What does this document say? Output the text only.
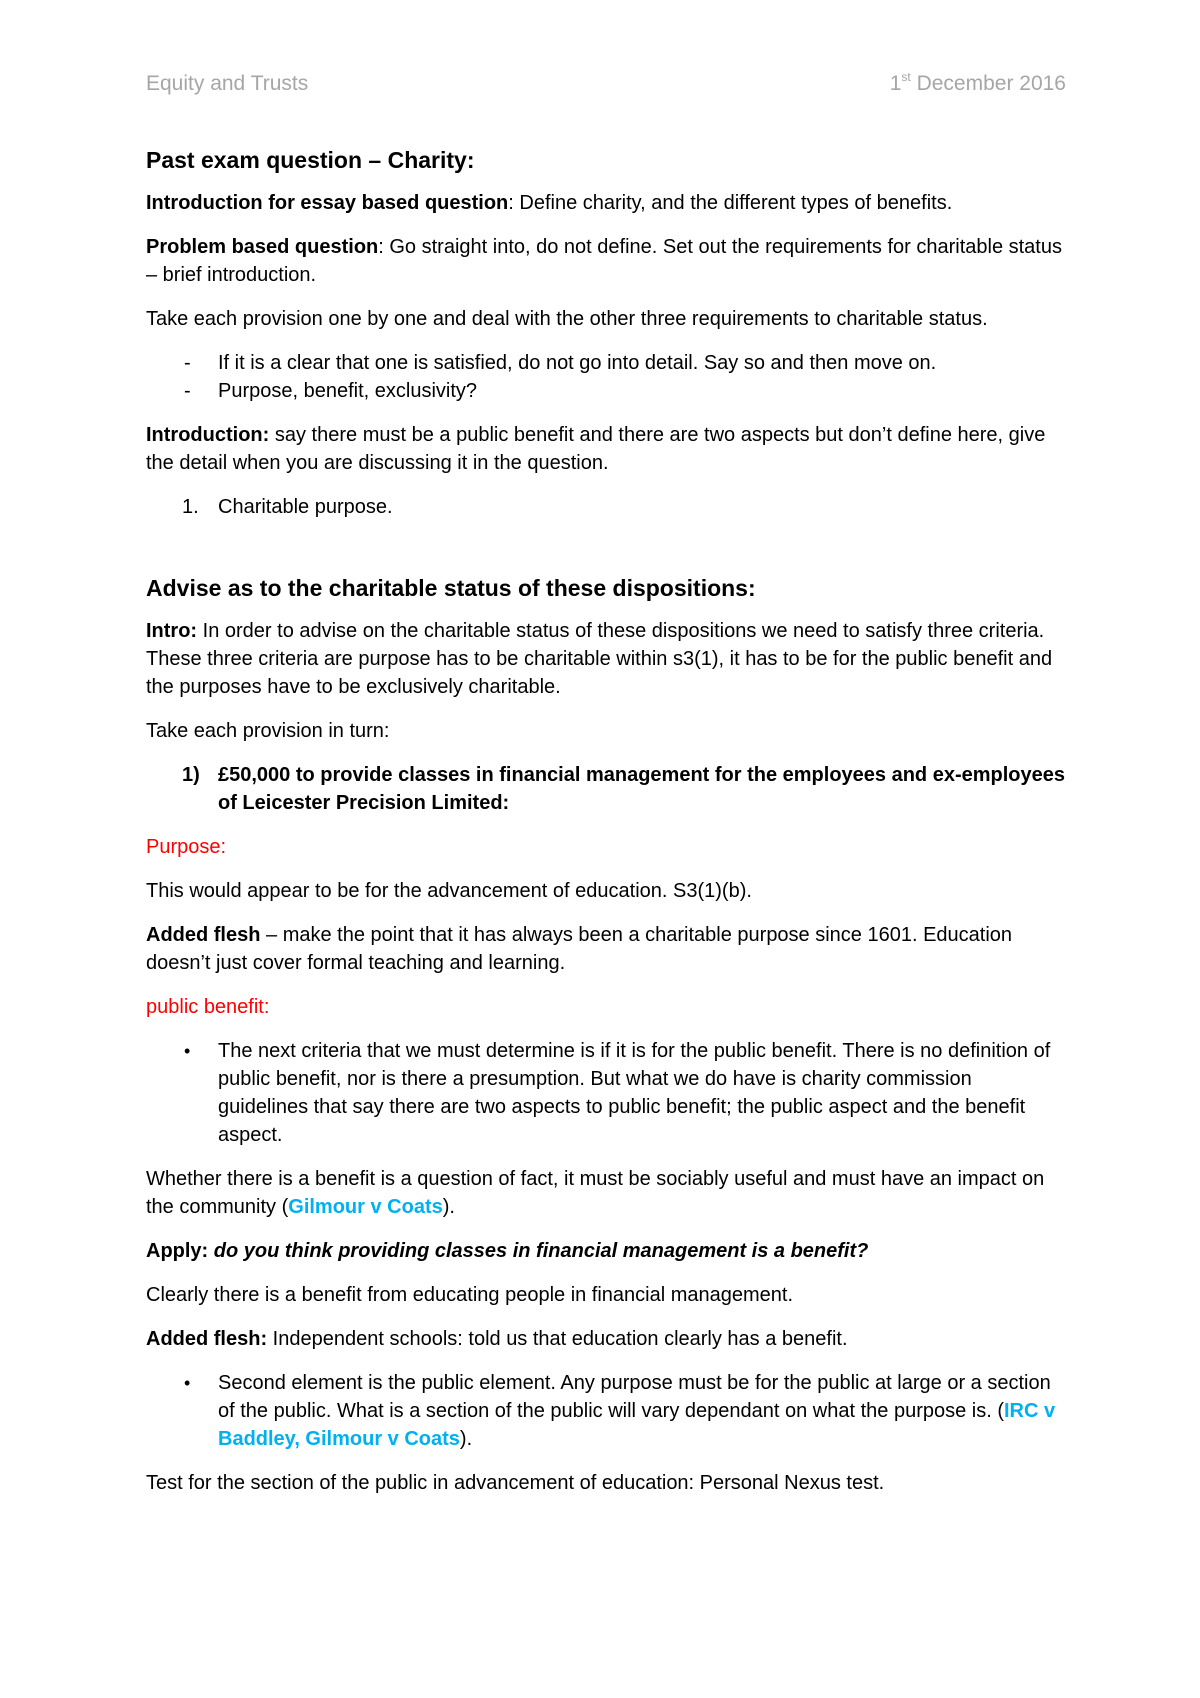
Equity and Trusts	1st December 2016
Past exam question – Charity:

Introduction for essay based question: Define charity, and the different types of benefits.

Problem based question: Go straight into, do not define. Set out the requirements for charitable status – brief introduction.

Take each provision one by one and deal with the other three requirements to charitable status.

- If it is a clear that one is satisfied, do not go into detail. Say so and then move on.
- Purpose, benefit, exclusivity?

Introduction: say there must be a public benefit and there are two aspects but don’t define here, give the detail when you are discussing it in the question.

1. Charitable purpose.
Advise as to the charitable status of these dispositions:

Intro: In order to advise on the charitable status of these dispositions we need to satisfy three criteria. These three criteria are purpose has to be charitable within s3(1), it has to be for the public benefit and the purposes have to be exclusively charitable.

Take each provision in turn:

1) £50,000 to provide classes in financial management for the employees and ex-employees of Leicester Precision Limited:

Purpose:

This would appear to be for the advancement of education. S3(1)(b).

Added flesh – make the point that it has always been a charitable purpose since 1601. Education doesn’t just cover formal teaching and learning.

public benefit:

• The next criteria that we must determine is if it is for the public benefit. There is no definition of public benefit, nor is there a presumption. But what we do have is charity commission guidelines that say there are two aspects to public benefit; the public aspect and the benefit aspect.

Whether there is a benefit is a question of fact, it must be sociably useful and must have an impact on the community (Gilmour v Coats).

Apply: do you think providing classes in financial management is a benefit?

Clearly there is a benefit from educating people in financial management.

Added flesh: Independent schools: told us that education clearly has a benefit.

• Second element is the public element. Any purpose must be for the public at large or a section of the public. What is a section of the public will vary dependant on what the purpose is. (IRC v Baddley, Gilmour v Coats).

Test for the section of the public in advancement of education: Personal Nexus test.
